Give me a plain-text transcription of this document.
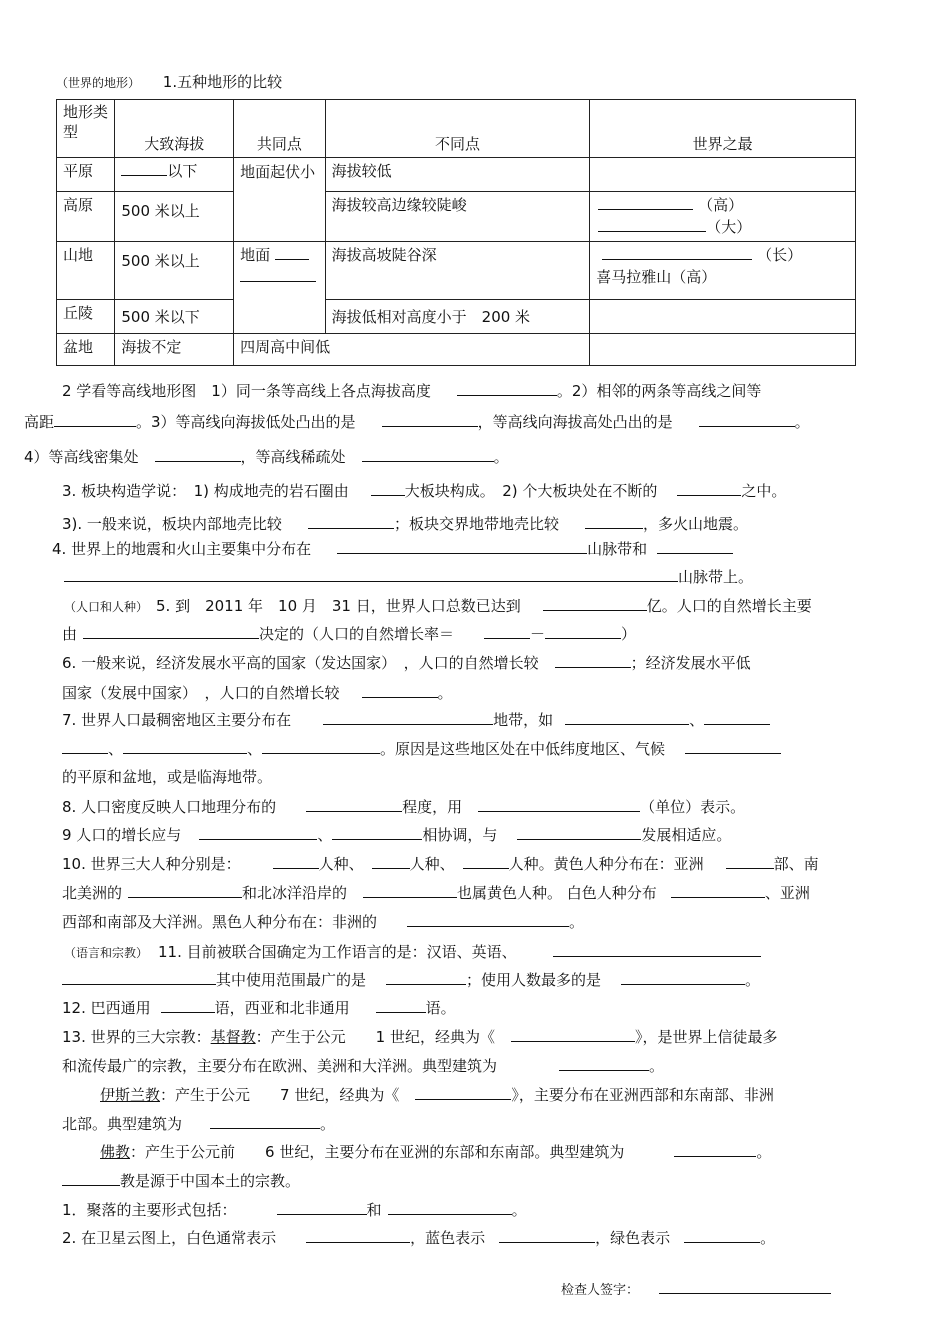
（世界的地形） 1.五种地形的比较
地形类型	大致海拔	共同点	不同点	世界之最
平原	以下	地面起伏小	海拔较低	
高原	500 米以上		海拔较高边缘较陡峻	（高）
（大）

山地	500 米以上	地面	海拔高坡陡谷深	（长）
喜马拉雅山（高）

丘陵	500 米以下		海拔低相对高度小于　200 米	
盆地	海拔不定	四周高中间低		
2 学看等高线地形图　1）同一条等高线上各点海拔高度	。2）相邻的两条等高线之间等
高距	。3）等高线向海拔低处凸出的是	，等高线向海拔高处凸出的是	。
4）等高线密集处	，等高线稀疏处	。
3. 板块构造学说：　1) 构成地壳的岩石圈由	大板块构成。　2) 个大板块处在不断的	之中。
3). 一般来说，板块内部地壳比较	；板块交界地带地壳比较	，多火山地震。
4. 世界上的地震和火山主要集中分布在	山脉带和
山脉带上。
（人口和人种） 5. 到　2011 年　10 月　31 日，世界人口总数已达到	亿。人口的自然增长主要
由	决定的（人口的自然增长率＝	－	）
6. 一般来说，经济发展水平高的国家（发达国家）　，人口的自然增长较	；经济发展水平低
国家（发展中国家）　，人口的自然增长较	。
7. 世界人口最稠密地区主要分布在	地带，如	、
、	、	。原因是这些地区处在中低纬度地区、气候
的平原和盆地，或是临海地带。
8. 人口密度反映人口地理分布的	程度，用	（单位）表示。
9 人口的增长应与	、	相协调，与	发展相适应。
10. 世界三大人种分别是：	人种、	人种、	人种。黄色人种分布在：亚洲	部、南
北美洲的	和北冰洋沿岸的	也属黄色人种。 白色人种分布	、亚洲
西部和南部及大洋洲。黑色人种分布在：非洲的	。
（语言和宗教） 11. 目前被联合国确定为工作语言的是：汉语、英语、
其中使用范围最广的是	；使用人数最多的是	。
12. 巴西通用	语，西亚和北非通用	语。
13. 世界的三大宗教：基督教：产生于公元　　1 世纪，经典为《	》，是世界上信徒最多
和流传最广的宗教，主要分布在欧洲、美洲和大洋洲。典型建筑为	。
伊斯兰教：产生于公元　　7 世纪，经典为《	》，主要分布在亚洲西部和东南部、非洲
北部。典型建筑为	。
佛教：产生于公元前　　6 世纪，主要分布在亚洲的东部和东南部。典型建筑为	。
教是源于中国本土的宗教。
1．聚落的主要形式包括：	和	。
2. 在卫星云图上，白色通常表示	，蓝色表示	，绿色表示	。
检查人签字：
